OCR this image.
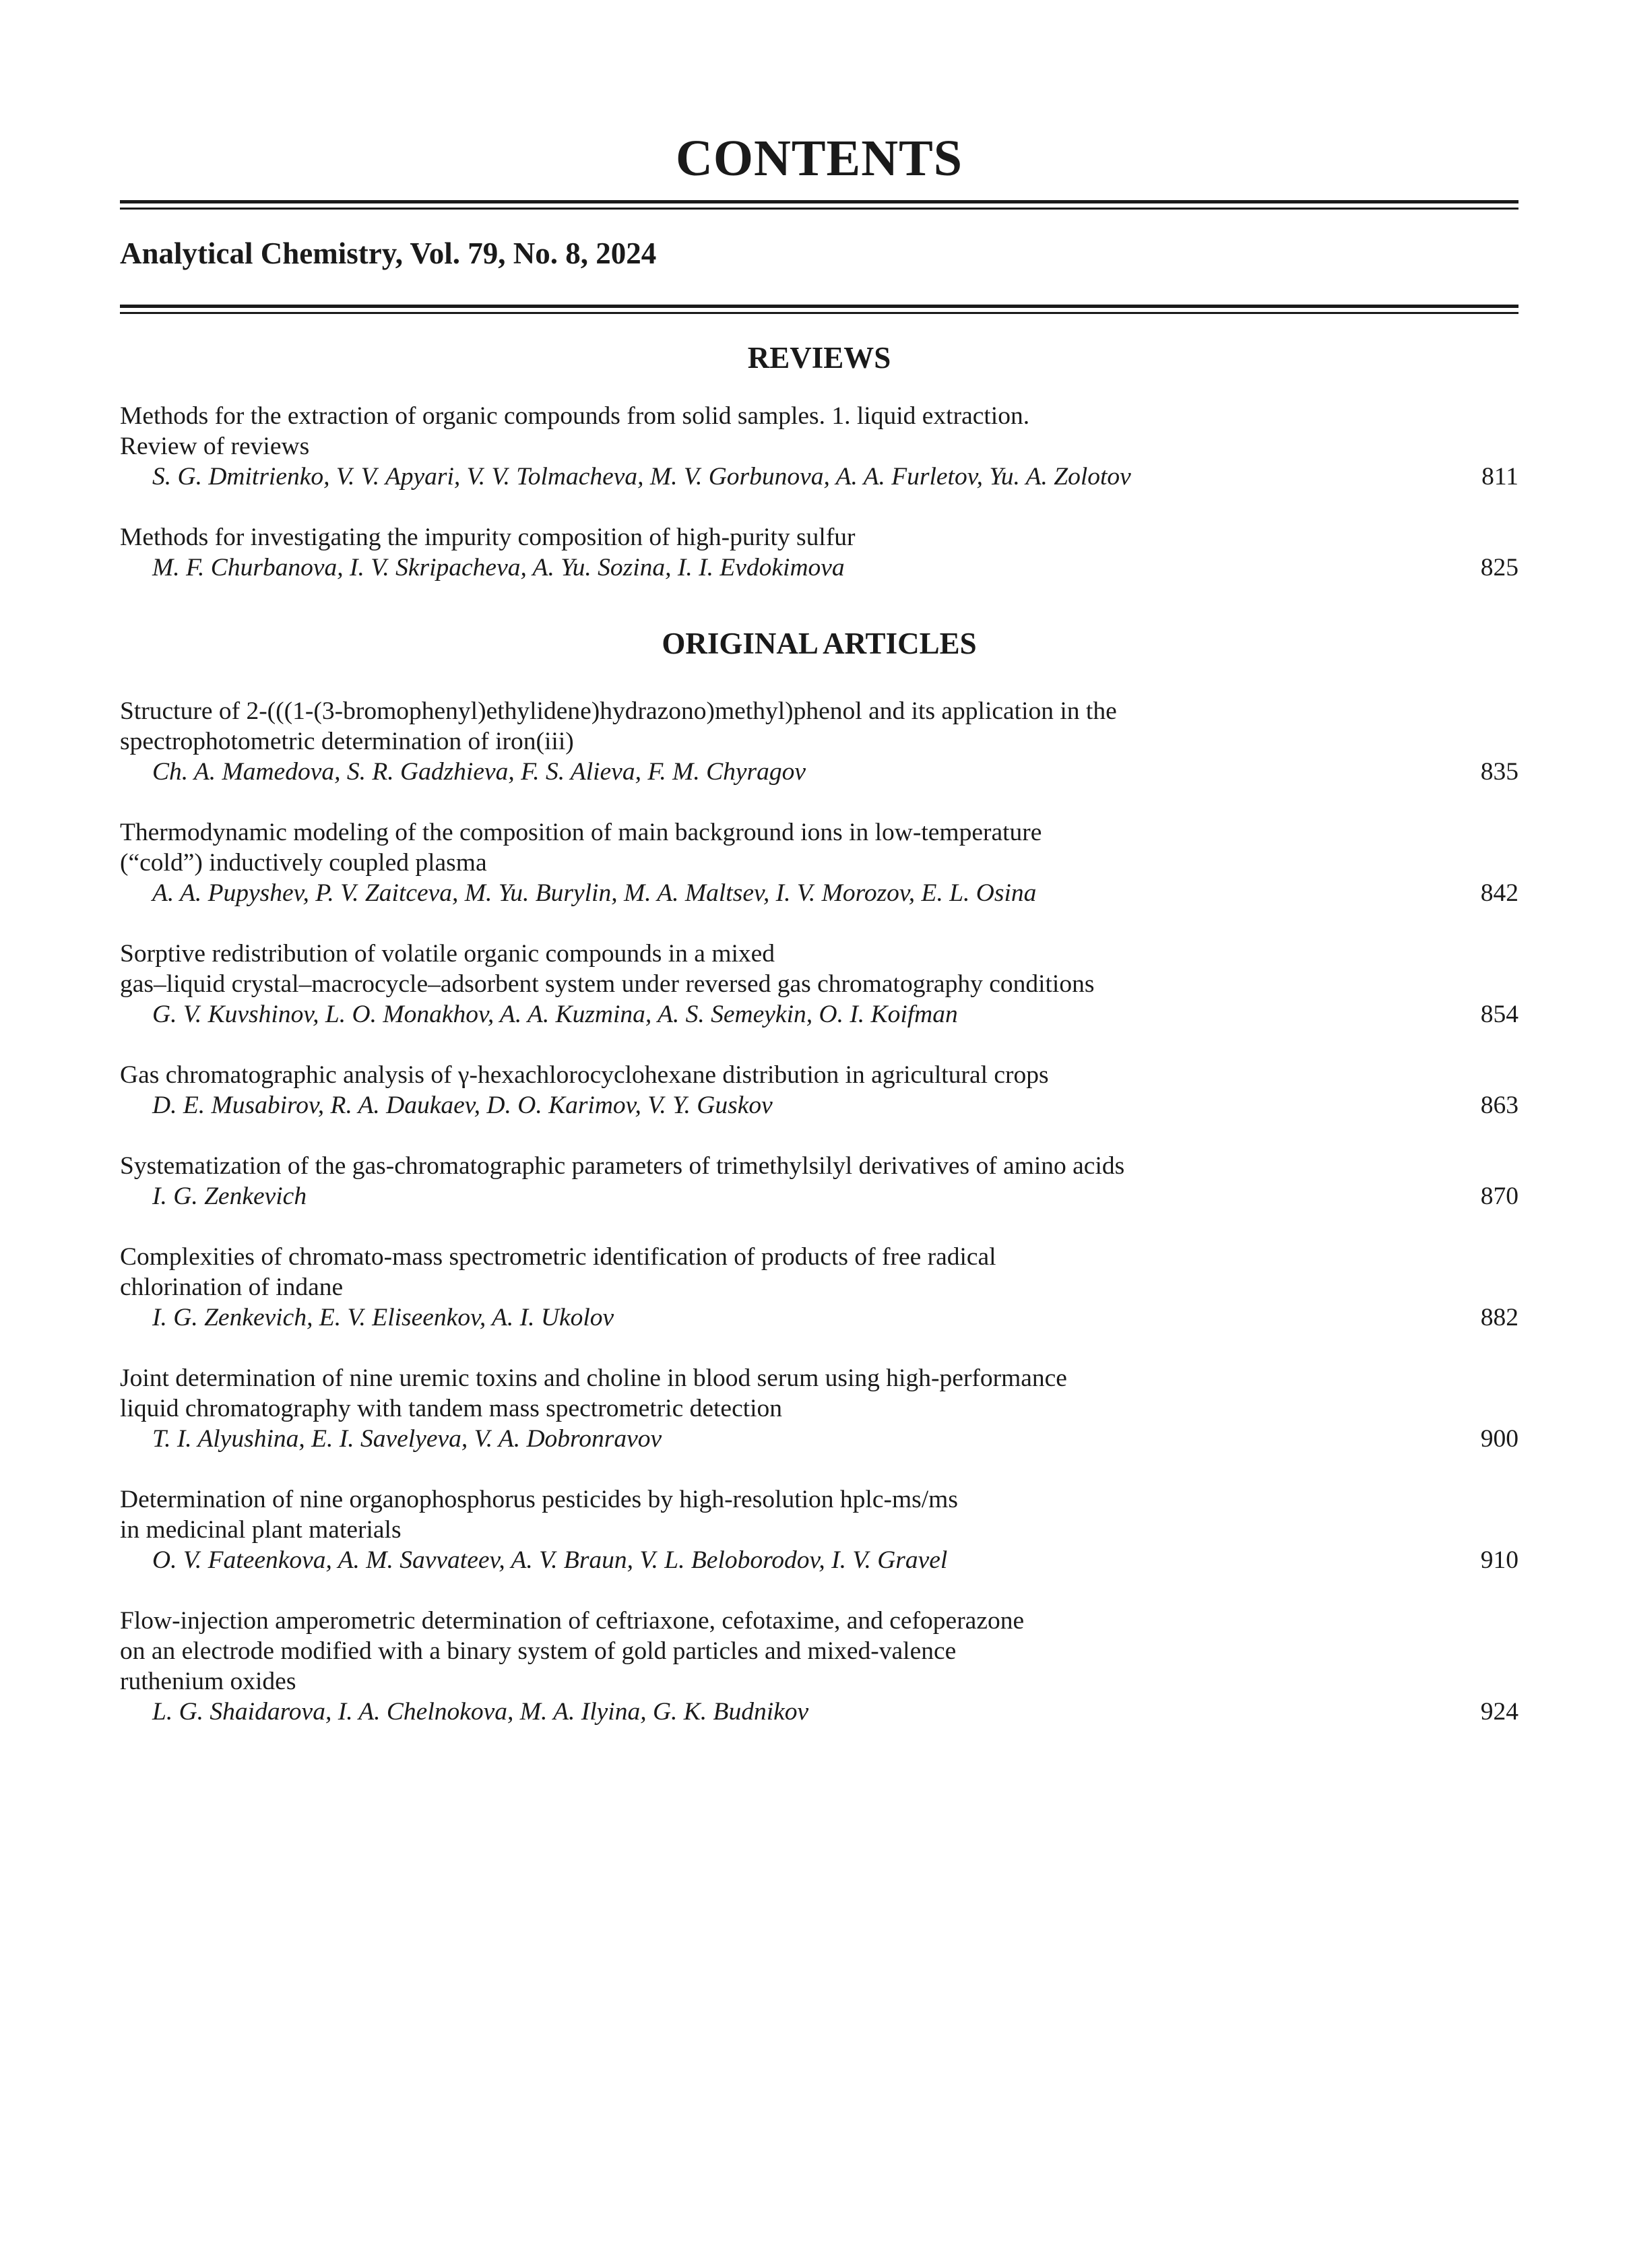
CONTENTS
Analytical Chemistry, Vol. 79, No. 8, 2024
REVIEWS
Methods for the extraction of organic compounds from solid samples. 1. liquid extraction.
Review of reviews
S. G. Dmitrienko, V. V. Apyari, V. V. Tolmacheva, M. V. Gorbunova, A. A. Furletov, Yu. A. Zolotov	811
Methods for investigating the impurity composition of high-purity sulfur
M. F. Churbanova, I. V. Skripacheva, A. Yu. Sozina, I. I. Evdokimova	825
ORIGINAL ARTICLES
Structure of 2-(((1-(3-bromophenyl)ethylidene)hydrazono)methyl)phenol and its application in the
spectrophotometric determination of iron(iii)
Ch. A. Mamedova, S. R. Gadzhieva, F. S. Alieva, F. M. Chyragov	835
Thermodynamic modeling of the composition of main background ions in low-temperature
(“cold”) inductively coupled plasma
A. A. Pupyshev, P. V. Zaitceva, M. Yu. Burylin, M. A. Maltsev, I. V. Morozov, E. L. Osina	842
Sorptive redistribution of volatile organic compounds in a mixed
gas–liquid crystal–macrocycle–adsorbent system under reversed gas chromatography conditions
G. V. Kuvshinov, L. O. Monakhov, A. A. Kuzmina, A. S. Semeykin, O. I. Koifman	854
Gas chromatographic analysis of γ-hexachlorocyclohexane distribution in agricultural crops
D. E. Musabirov, R. A. Daukaev, D. O. Karimov, V. Y. Guskov	863
Systematization of the gas-chromatographic parameters of trimethylsilyl derivatives of amino acids
I. G. Zenkevich	870
Complexities of chromato-mass spectrometric identification of products of free radical
chlorination of indane
I. G. Zenkevich, E. V. Eliseenkov, A. I. Ukolov	882
Joint determination of nine uremic toxins and choline in blood serum using high-performance
liquid chromatography with tandem mass spectrometric detection
T. I. Alyushina, E. I. Savelyeva, V. A. Dobronravov	900
Determination of nine organophosphorus pesticides by high-resolution hplc-ms/ms
in medicinal plant materials
O. V. Fateenkova, A. M. Savvateev, A. V. Braun, V. L. Beloborodov, I. V. Gravel	910
Flow-injection amperometric determination of ceftriaxone, cefotaxime, and cefoperazone
on an electrode modified with a binary system of gold particles and mixed-valence
ruthenium oxides
L. G. Shaidarova, I. A. Chelnokova, M. A. Ilyina, G. K. Budnikov	924
